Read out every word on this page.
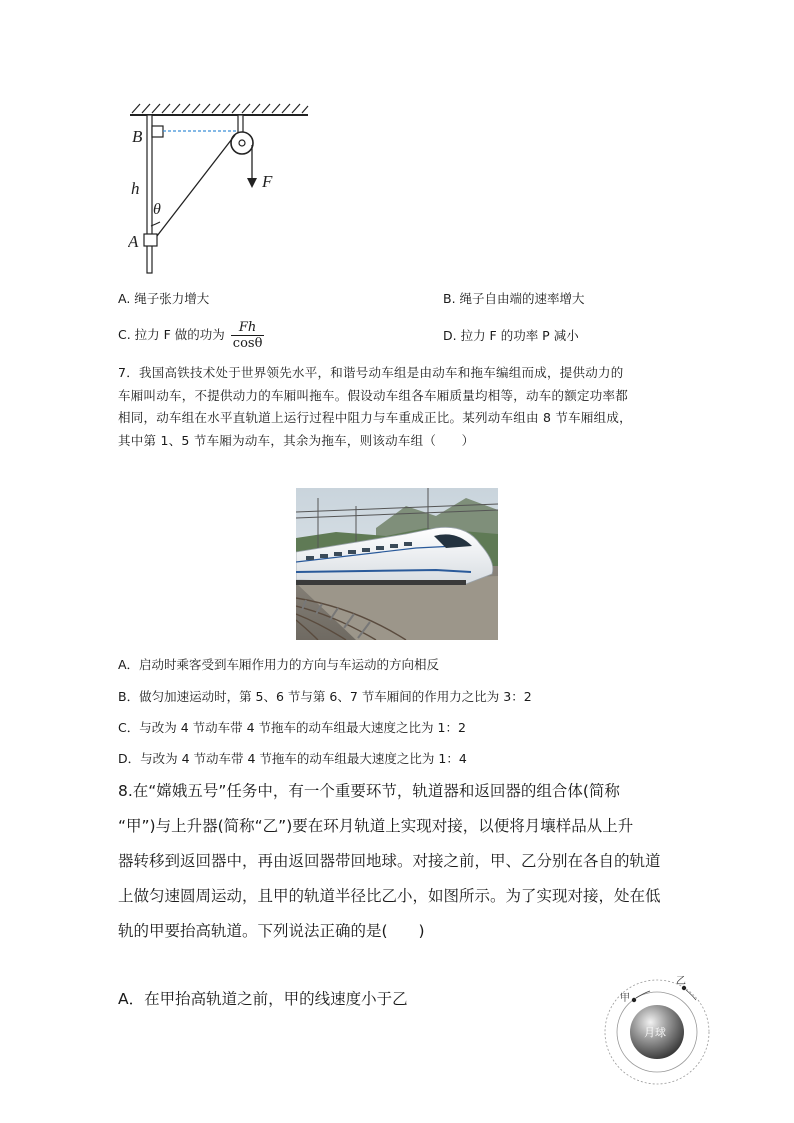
B
h
θ
A
F
A. 绳子张力增大	B. 绳子自由端的速率增大
C. 拉力 F 做的功为 $\frac{Fh}{\cos\theta}$	D. 拉力 F 的功率 P 减小
7．我国高铁技术处于世界领先水平，和谐号动车组是由动车和拖车编组而成，提供动力的
车厢叫动车，不提供动力的车厢叫拖车。假设动车组各车厢质量均相等，动车的额定功率都
相同，动车组在水平直轨道上运行过程中阻力与车重成正比。某列动车组由 8 节车厢组成，
其中第 1、5 节车厢为动车，其余为拖车，则该动车组（　　）
A．启动时乘客受到车厢作用力的方向与车运动的方向相反
B．做匀加速运动时，第 5、6 节与第 6、7 节车厢间的作用力之比为 3：2
C．与改为 4 节动车带 4 节拖车的动车组最大速度之比为 1：2
D．与改为 4 节动车带 4 节拖车的动车组最大速度之比为 1：4
8.在“嫦娥五号”任务中，有一个重要环节，轨道器和返回器的组合体(简称
“甲”)与上升器(简称“乙”)要在环月轨道上实现对接，以便将月壤样品从上升
器转移到返回器中，再由返回器带回地球。对接之前，甲、乙分别在各自的轨道
上做匀速圆周运动，且甲的轨道半径比乙小，如图所示。为了实现对接，处在低
轨的甲要抬高轨道。下列说法正确的是(　　)
A．在甲抬高轨道之前，甲的线速度小于乙
月球
甲
乙
